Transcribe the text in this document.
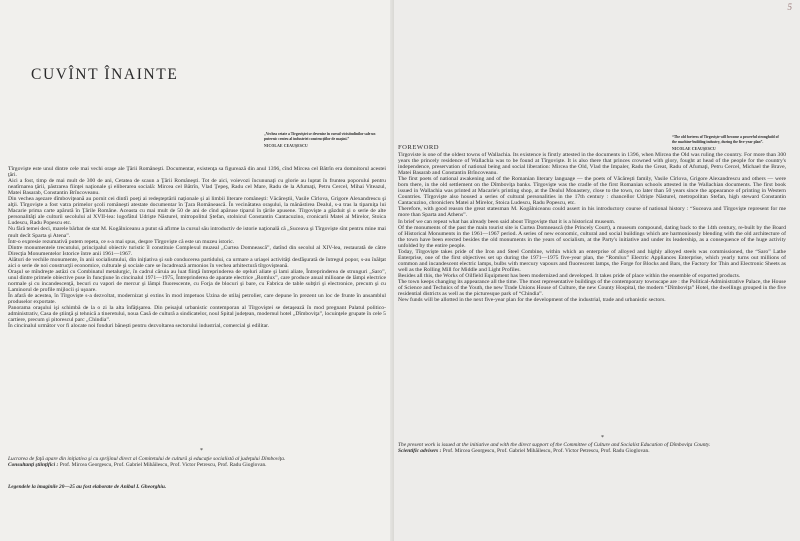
CUVÎNT ÎNAINTE
„Vechea cetate a Tîrgoviştei se devenise în cursul vicisitudinilor sale un puternic centru al industriei construcţiilor de maşini.”
NICOLAE CEAUŞESCU

Tîrgovişte este unul dintre cele mai vechi oraşe ale Ţării Româneşti. Documentar, existenţa sa figurează din anul 1396, cînd Mircea cel Bătrîn era domnitorul acestei ţări.

Aici a fost, timp de mai mult de 300 de ani, Cetatea de scaun a Ţării Româneşti. Tot de aici, voievozi încununaţi cu glorie au luptat în fruntea poporului pentru neatîrnarea ţării, păstrarea fiinţei naţionale şi eliberarea socială: Mircea cel Bătrîn, Vlad Ţepeş, Radu cel Mare, Radu de la Afumaţi, Petru Cercel, Mihai Viteazul, Matei Basarab, Constantin Brîncoveanu.

Din vechea aşezare dîmboviţeană au pornit cei dintîi poeţi ai redeşteptării naţionale şi ai limbii literare româneşti: Văcăreştii, Vasile Cîrlova, Grigore Alexandrescu şi alţii. Tîrgovişte a fost vatra primelor şcoli româneşti atestate documentar în Ţara Românească. În vecinătatea oraşului, la mănăstirea Dealul, s-a tras la tiparniţa lui Macarie prima carte apărută în Ţările Române. Aceasta cu mai mult de 50 de ani de cînd apăruse tiparul în ţările apusene. Tîrgovişte a găzduit şi o serie de alte personalităţi ale culturii secolului al XVII-lea: logofătul Udrişte Năsturel, mitropolitul Ştefan, stolnicul Constantin Cantacuzino, cronicarii Matei al Mirelor, Stoica Ludescu, Radu Popescu etc.

Nu fără temei deci, marele bărbat de stat M. Kogălniceanu a putut să afirme la cursul său introductiv de istorie naţională că „Suceava şi Tîrgovişte sînt pentru mine mai mult decît Sparta şi Atena”.

Într-o expresie rezumativă putem repeta, ce s-a mai spus, despre Tîrgovişte că este un muzeu istoric.

Dintre monumentele trecutului, principalul obiectiv turistic îl constituie Complexul muzeal „Curtea Domnească”, datînd din secolul al XIV-lea, restaurată de către Direcţia Monumentelor Istorice între anii 1961—1967.

Alături de vechile monumente, în anii socialismului, din iniţiativa şi sub conducerea partidului, ca urmare a uriaşei activităţi desfăşurată de întregul popor, s-au înălţat aici o serie de noi construcţii economice, culturale şi sociale care se încadrează armonios în vechea arhitectură tîrgovişteană.

Oraşul se mîndreşte astăzi cu Combinatul metalurgic, în cadrul căruia au luat fiinţă întreprinderea de oţeluri aliate şi lami aliate, Întreprinderea de strunguri „Saro”, unul dintre primele obiective puse în funcţiune în cincinalul 1971—1975, Întreprinderea de aparate electrice „Romlux”, care produce anual milioane de lămpi electrice normale şi cu incandescenţă, becuri cu vapori de mercur şi lămpi fluorescente, cu Forja de blocuri şi bare, cu Fabrica de table subţiri şi electronice, precum şi cu Laminorul de profile mijlocii şi uşoare.

În afară de acestea, în Tîrgovişte s-a dezvoltat, modernizat şi extins în mod impetuos Uzina de utilaj petrolier, care depune în prezent un loc de frunte în ansamblul produselor exportate.

Panorama oraşului işi schimbă de la o zi la alta înfăţişarea. Din peisajul urbanistic contemporan al Tîrgoviştei se detaşează în mod pregnant Palatul politico-administrativ, Casa de ştiinţă şi tehnică a tineretului, noua Casă de cultură a sindicatelor, noul Spital judeţean, modernul hotel „Dîmboviţa”, locuinţele grupate în cele 5 cartiere, precum şi pitorescul parc „Chindia”.

În cincinalul următor vor fi alocate noi fonduri bănești pentru dezvoltarea sectorului industrial, comercial şi edilitar.

*
Lucrarea de faţă apare din iniţiativa şi cu sprijinul direct al Comitetului de cultură şi educaţie socialistă al judeţului Dîmboviţa.
Consultanţi ştiinţifici : Prof. Mircea Georgescu, Prof. Gabriel Mihăilescu, Prof. Victor Petrescu, Prof. Radu Gioglovan.
Legendele la imaginile 20—25 au fost elaborate de Anibal I. Gheorghiu.
FOREWORD
“The old fortress of Tîrgovişte will become a powerful stronghold of the machine-building industry, during the five-year plan”.
NICOLAE CEAUŞESCU

Tirgoviste is one of the oldest towns of Wallachia. Its existence is firstly attested in the documents in 1396, when Mircea the Old was ruling the country. For more than 300 years the princely residence of Wallachia was to be found at Tîrgovişte. It is also there that princes crowned with glory, fought at head of the people for the country's independence, preservation of national being and social liberation: Mircea the Old, Vlad the Impaler, Radu the Great, Radu of Afumaţi, Petru Cercel, Michael the Brave, Matei Basarab and Constantin Brîncoveanu.

The first poets of national awakening and of the Romanian literary language — the poets of Văcăreşti family, Vasile Cîrlova, Grigore Alexandrescu and others — were born there, in the old settlement on the Dîmboviţa banks. Tîrgovişte was the cradle of the first Romanian schools attested in the Wallachian documents. The first book issued in Wallachia was printed at Macarie's printing shop, at the Dealul Monastery, close to the town, no later than 50 years since the appearance of printing in Western Countries. Tîrgovişte also housed a series of cultural personalities in the 17th century : chancellor Udrişte Năsturel, metropolitan Stefan, high steward Constantin Cantacuzino, chroniclers Matei al Mirelor, Stoica Ludescu, Radu Popescu, etc.

Therefore, with good reason the great statesman M. Kogălniceanu could assert in his introductory course of national history : “Suceava and Tîrgovişte represent for me more than Sparta and Athens”.

In brief we can repeat what has already been said about Tîrgovişte that it is a historical museum.

Of the monuments of the past the main tourist site is Curtea Domnească (the Princely Court), a museum compound, dating back to the 14th century, re-built by the Board of Historical Monuments in the 1961—1967 period. A series of new economic, cultural and social buildings which are harmoniously blending with the old architecture of the town have been erected besides the old monuments in the years of socialism, at the Party's initiative and under its leadership, as a consequence of the huge activity unfolded by the entire people.

Today, Tîrgovişte takes pride of the Iron and Steel Combine, within which an enterprise of alloyed and highly alloyed steels was commissioned, the “Saro” Lathe Enterprise, one of the first objectives set up during the 1971—1975 five-year plan, the “Romlux” Electric Appliances Enterprise, which yearly turns out millions of common and incandescent electric lamps, bulbs with mercury vapours and fluorescent lamps, the Forge for Blocks and Bars, the Factory for Thin and Electronic Sheets as well as the Rolling Mill for Middle and Light Profiles.

Besides all this, the Works of Oilfield Equipment has been modernized and developed. It takes pride of place within the ensemble of exported products.

The town keeps changing its appearance all the time. The most representative buildings of the contemporary townscape are : the Political-Administrative Palace, the House of Science and Technics of the Youth, the new Trade Unions House of Culture, the new County Hospital, the modern “Dîmboviţa” Hotel, the dwellings grouped in the five residential districts as well as the picturesque park of “Chindia”.

New funds will be allotted in the next five-year plan for the development of the industrial, trade and urbanistic sectors.

*
The present work is issued at the initiative and with the direct support of the Committee of Culture and Socialist Education of Dîmboviţa County.
Scientific advisers : Prof. Mircea Georgescu, Prof. Gabriel Mihăilescu, Prof. Victor Petrescu, Prof. Radu Gioglovan.
5
